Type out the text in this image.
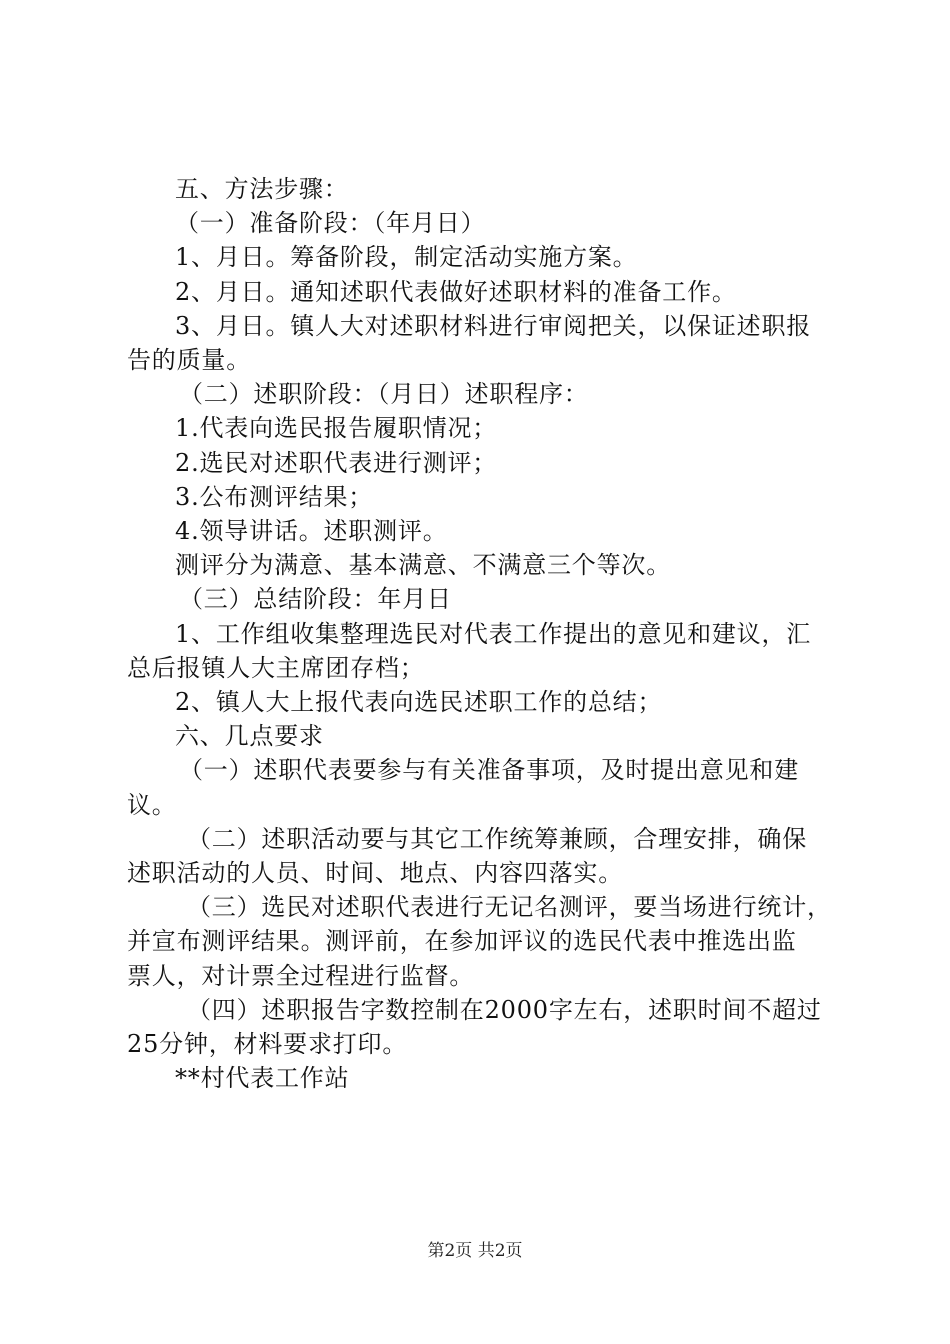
五、方法步骤：

（一）准备阶段：（年月日）

1、月日。筹备阶段，制定活动实施方案。

2、月日。通知述职代表做好述职材料的准备工作。

3、月日。镇人大对述职材料进行审阅把关，以保证述职报

告的质量。

（二）述职阶段：（月日）述职程序：

1.代表向选民报告履职情况；

2.选民对述职代表进行测评；

3.公布测评结果；

4.领导讲话。述职测评。

测评分为满意、基本满意、不满意三个等次。

（三）总结阶段：年月日

1、工作组收集整理选民对代表工作提出的意见和建议，汇

总后报镇人大主席团存档；

2、镇人大上报代表向选民述职工作的总结；

六、几点要求

（一）述职代表要参与有关准备事项，及时提出意见和建

议。

（二）述职活动要与其它工作统筹兼顾，合理安排，确保

述职活动的人员、时间、地点、内容四落实。

（三）选民对述职代表进行无记名测评，要当场进行统计，

并宣布测评结果。测评前，在参加评议的选民代表中推选出监

票人，对计票全过程进行监督。

（四）述职报告字数控制在2000字左右，述职时间不超过

25分钟，材料要求打印。

**村代表工作站

第2页 共2页
